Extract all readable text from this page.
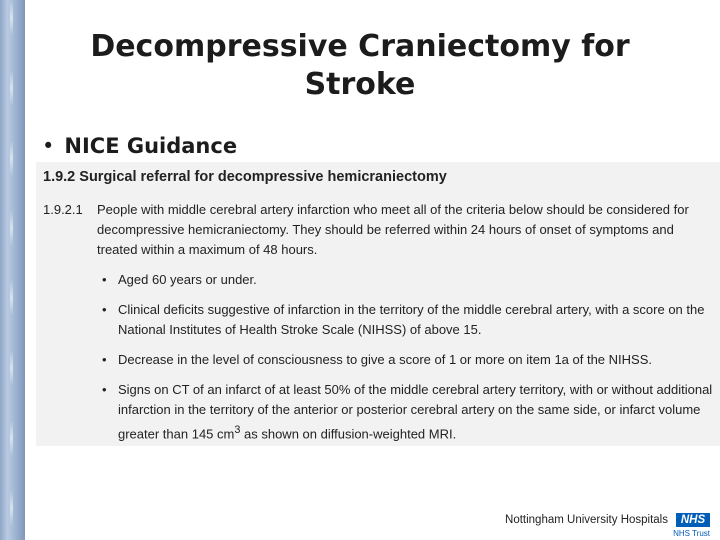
Decompressive Craniectomy for Stroke

• NICE Guidance

1.9.2 Surgical referral for decompressive hemicraniectomy

1.9.2.1 People with middle cerebral artery infarction who meet all of the criteria below should be considered for decompressive hemicraniectomy. They should be referred within 24 hours of onset of symptoms and treated within a maximum of 48 hours.

• Aged 60 years or under.
• Clinical deficits suggestive of infarction in the territory of the middle cerebral artery, with a score on the National Institutes of Health Stroke Scale (NIHSS) of above 15.
• Decrease in the level of consciousness to give a score of 1 or more on item 1a of the NIHSS.
• Signs on CT of an infarct of at least 50% of the middle cerebral artery territory, with or without additional infarction in the territory of the anterior or posterior cerebral artery on the same side, or infarct volume greater than 145 $cm^3$ as shown on diffusion-weighted MRI.
Nottingham University Hospitals	NHS
NHS Trust
